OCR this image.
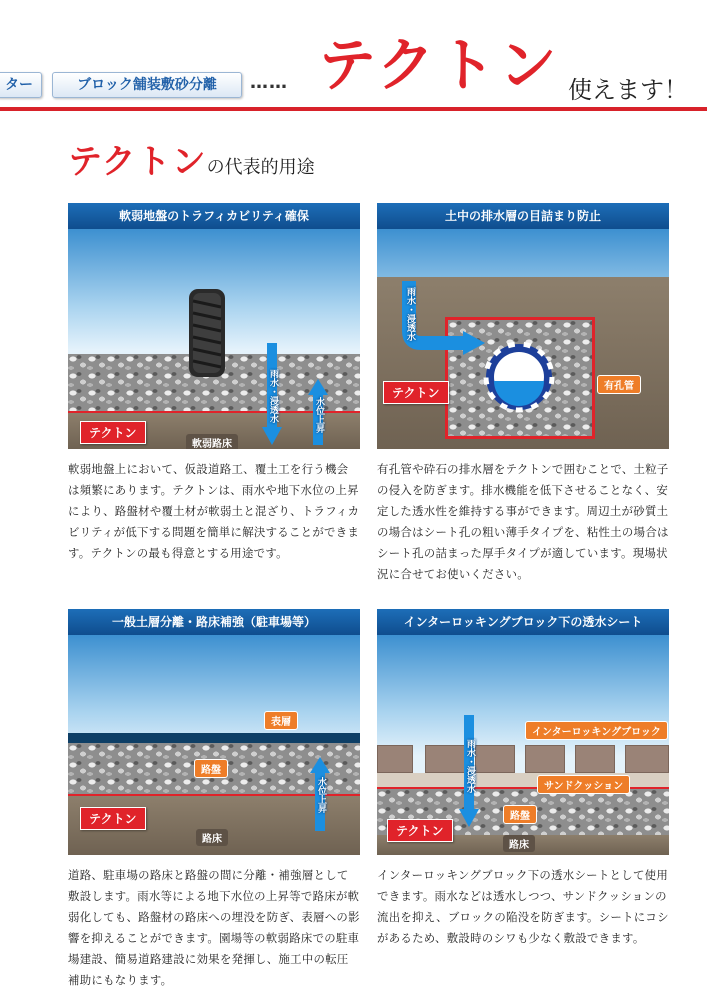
ター	ブロック舗装敷砂分離	…… テクトン 使えます！
テクトンの代表的用途
軟弱地盤のトラフィカビリティ確保
雨水・浸透水	水位上昇
テクトン
軟弱路床
軟弱地盤上において、仮設道路工、覆土工を行う機会は頻繁にあります。テクトンは、雨水や地下水位の上昇により、路盤材や覆土材が軟弱土と混ざり、トラフィカビリティが低下する問題を簡単に解決することができます。テクトンの最も得意とする用途です。
土中の排水層の目詰まり防止
雨水・浸透水
テクトン	有孔管
有孔管や砕石の排水層をテクトンで囲むことで、土粒子の侵入を防ぎます。排水機能を低下させることなく、安定した透水性を維持する事ができます。周辺土が砂質土の場合はシート孔の粗い薄手タイプを、粘性土の場合はシート孔の詰まった厚手タイプが適しています。現場状況に合せてお使いください。
一般土層分離・路床補強（駐車場等）
水位上昇
表層
路盤
テクトン
路床
道路、駐車場の路床と路盤の間に分離・補強層として敷設します。雨水等による地下水位の上昇等で路床が軟弱化しても、路盤材の路床への埋没を防ぎ、表層への影響を抑えることができます。園場等の軟弱路床での駐車場建設、簡易道路建設に効果を発揮し、施工中の転圧補助にもなります。
インターロッキングブロック下の透水シート
雨水・浸透水
インターロッキングブロック
サンドクッション
路盤
テクトン
路床
インターロッキングブロック下の透水シートとして使用できます。雨水などは透水しつつ、サンドクッションの流出を抑え、ブロックの陥没を防ぎます。シートにコシがあるため、敷設時のシワも少なく敷設できます。
